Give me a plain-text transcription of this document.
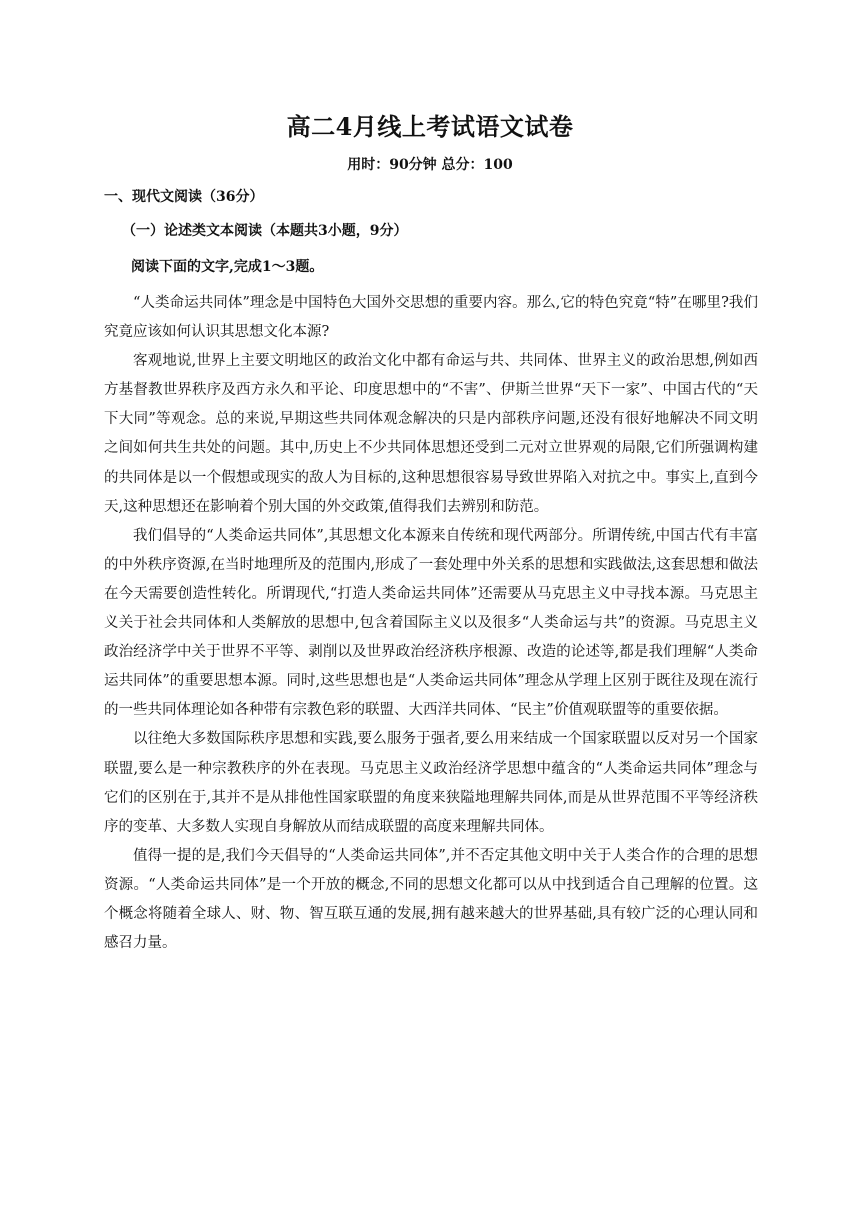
高二4月线上考试语文试卷
用时：90分钟 总分：100
一、现代文阅读（36分）
（一）论述类文本阅读（本题共3小题，9分）
阅读下面的文字,完成1～3题。

“人类命运共同体”理念是中国特色大国外交思想的重要内容。那么,它的特色究竟“特”在哪里?我们究竟应该如何认识其思想文化本源?

客观地说,世界上主要文明地区的政治文化中都有命运与共、共同体、世界主义的政治思想,例如西方基督教世界秩序及西方永久和平论、印度思想中的“不害”、伊斯兰世界“天下一家”、中国古代的“天下大同”等观念。总的来说,早期这些共同体观念解决的只是内部秩序问题,还没有很好地解决不同文明之间如何共生共处的问题。其中,历史上不少共同体思想还受到二元对立世界观的局限,它们所强调构建的共同体是以一个假想或现实的敌人为目标的,这种思想很容易导致世界陷入对抗之中。事实上,直到今天,这种思想还在影响着个别大国的外交政策,值得我们去辨别和防范。

我们倡导的“人类命运共同体”,其思想文化本源来自传统和现代两部分。所谓传统,中国古代有丰富的中外秩序资源,在当时地理所及的范围内,形成了一套处理中外关系的思想和实践做法,这套思想和做法在今天需要创造性转化。所谓现代,“打造人类命运共同体”还需要从马克思主义中寻找本源。马克思主义关于社会共同体和人类解放的思想中,包含着国际主义以及很多“人类命运与共”的资源。马克思主义政治经济学中关于世界不平等、剥削以及世界政治经济秩序根源、改造的论述等,都是我们理解“人类命运共同体”的重要思想本源。同时,这些思想也是“人类命运共同体”理念从学理上区别于既往及现在流行的一些共同体理论如各种带有宗教色彩的联盟、大西洋共同体、“民主”价值观联盟等的重要依据。

以往绝大多数国际秩序思想和实践,要么服务于强者,要么用来结成一个国家联盟以反对另一个国家联盟,要么是一种宗教秩序的外在表现。马克思主义政治经济学思想中蕴含的“人类命运共同体”理念与它们的区别在于,其并不是从排他性国家联盟的角度来狭隘地理解共同体,而是从世界范围不平等经济秩序的变革、大多数人实现自身解放从而结成联盟的高度来理解共同体。

值得一提的是,我们今天倡导的“人类命运共同体”,并不否定其他文明中关于人类合作的合理的思想资源。“人类命运共同体”是一个开放的概念,不同的思想文化都可以从中找到适合自己理解的位置。这个概念将随着全球人、财、物、智互联互通的发展,拥有越来越大的世界基础,具有较广泛的心理认同和感召力量。
